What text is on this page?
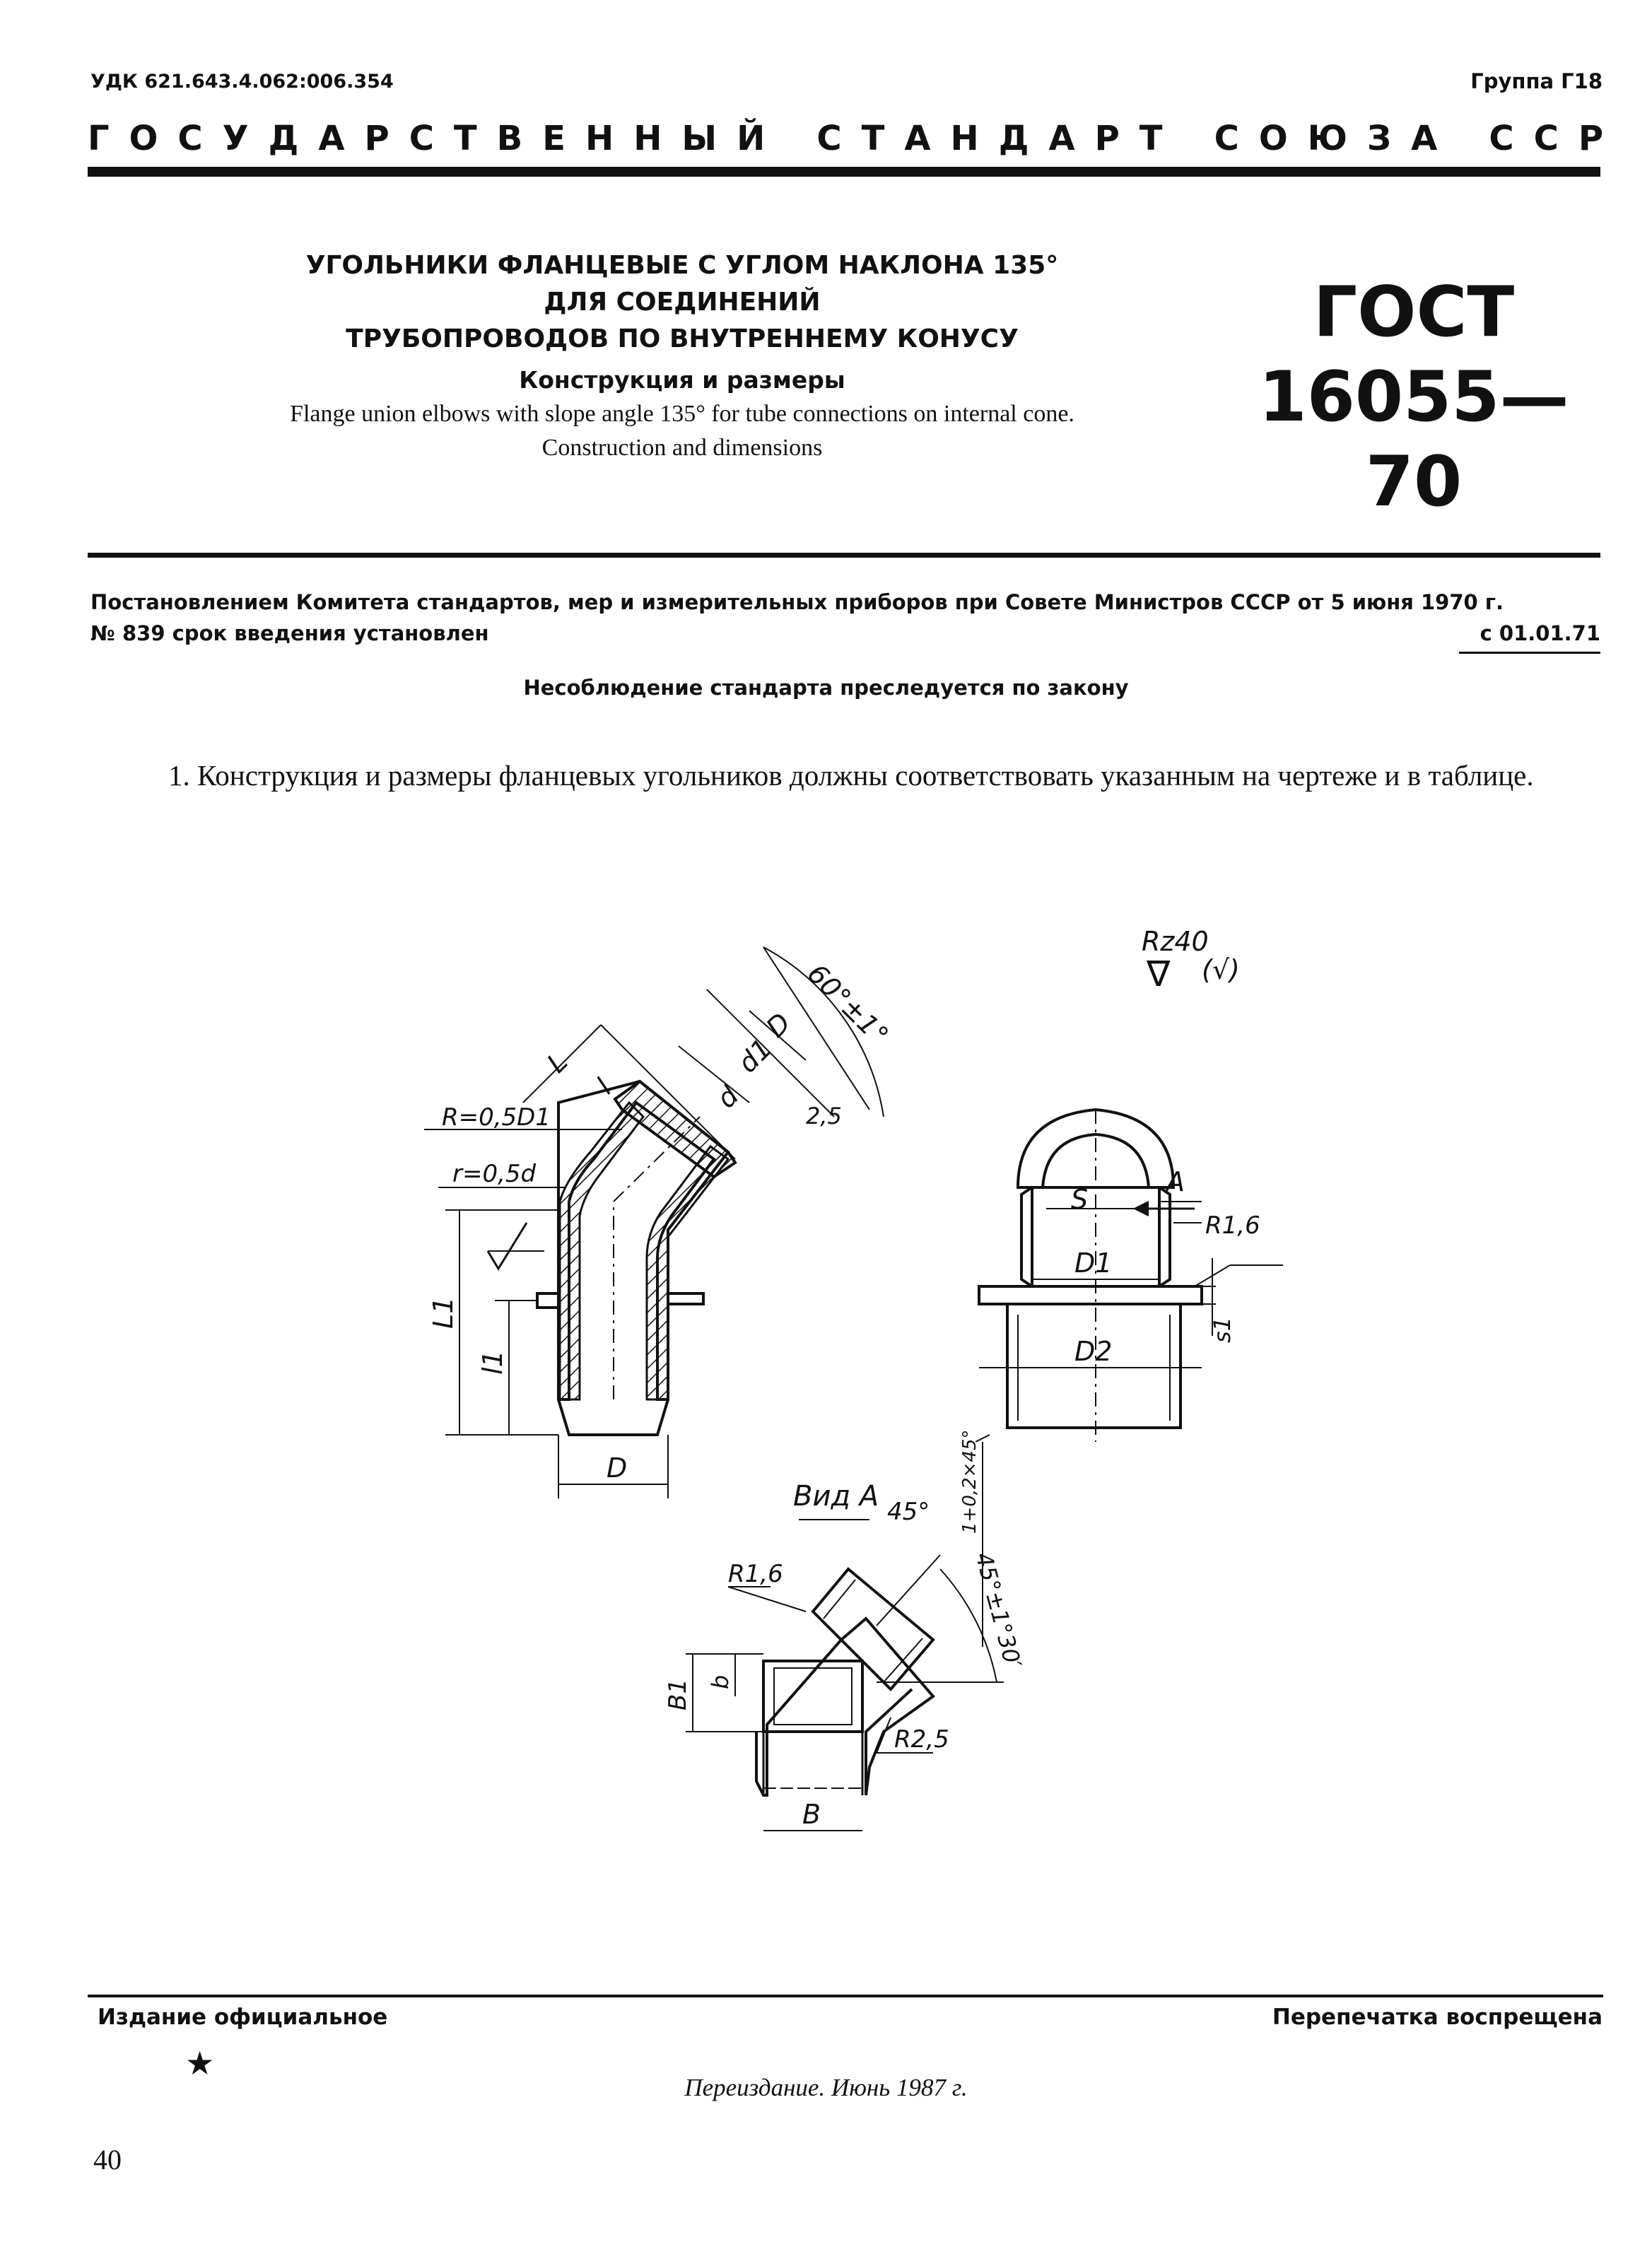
УДК 621.643.4.062:006.354	Группа Г18
ГОСУДАРСТВЕННЫЙ СТАНДАРТ СОЮЗА ССР
УГОЛЬНИКИ ФЛАНЦЕВЫЕ С УГЛОМ НАКЛОНА 135°
ДЛЯ СОЕДИНЕНИЙ
ТРУБОПРОВОДОВ ПО ВНУТРЕННЕМУ КОНУСУ
Конструкция и размеры
Flange union elbows with slope angle 135° for tube connections on internal cone.
Construction and dimensions
ГОСТ
16055—70
Постановлением Комитета стандартов, мер и измерительных приборов при Совете Министров СССР от 5 июня 1970 г.
№ 839 срок введения установлен	с 01.01.71
Несоблюдение стандарта преследуется по закону
1. Конструкция и размеры фланцевых угольников должны соответствовать указанным на чертеже и в таблице.
Rz40
(√)
∇
L
l
D
d1
d
60°±1°
2,5
R=0,5D1
r=0,5d
L1
l1
D
S
A
R1,6
D1
D2
s1
1+0,2×45°
Вид А 45°
R1,6	45°±1°30′
B1 b
R2,5
B
Издание официальное	Перепечатка воспрещена
★
Переиздание. Июнь 1987 г.
40
